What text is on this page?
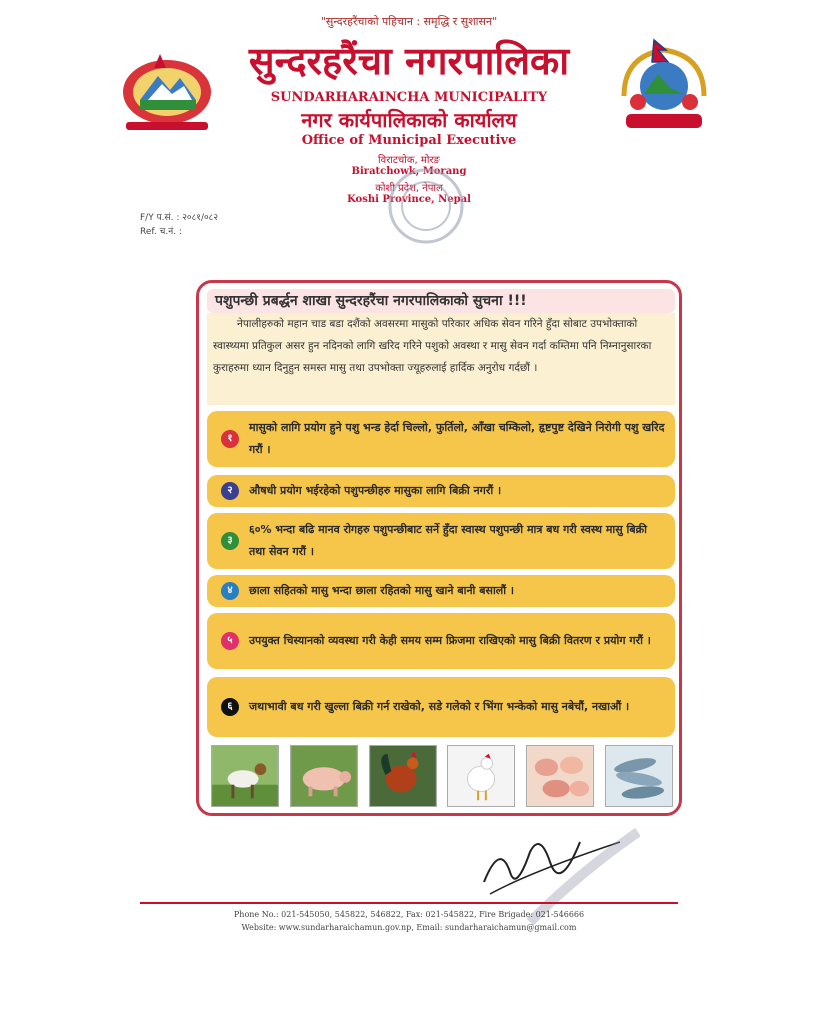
"सुन्दरहरैंचाको पहिचान : समृद्धि र सुशासन"
सुन्दरहरैंचा नगरपालिका
SUNDARHARAINCHA MUNICIPALITY
नगर कार्यपालिकाको कार्यालय
Office of Municipal Executive
विराटचोक, मोरङ
Biratchowk, Morang
कोशी प्रदेश, नेपाल
Koshi Province, Nepal
F/Y प.सं. : २०८१/०८२
Ref. च.नं. :
पशुपन्छी प्रबर्द्धन शाखा सुन्दरहरैंचा नगरपालिकाको सुचना !!!
नेपालीहरुको महान चाड बडा दशैंको अवसरमा मासुको परिकार अधिक सेवन गरिने हुँदा सोबाट उपभोक्ताको स्वास्थ्यमा प्रतिकुल असर हुन नदिनको लागि खरिद गरिने पशुको अवस्था र मासु सेवन गर्दा कम्तिमा पनि निम्नानुसारका कुराहरुमा ध्यान दिनुहुन समस्त मासु तथा उपभोक्ता ज्यूहरुलाई हार्दिक अनुरोध गर्दछौं ।
१
मासुको लागि प्रयोग हुने पशु भन्ड हेर्दा चिल्लो, फुर्तिलो, आँखा चम्किलो, हृष्टपुष्ट देखिने निरोगी पशु खरिद गरौं ।
२	औषधी प्रयोग भईरहेको पशुपन्छीहरु मासुका लागि बिक्री नगरौं ।
३
६०% भन्दा बढि मानव रोगहरु पशुपन्छीबाट सर्ने हुँदा स्वास्थ पशुपन्छी मात्र बध गरी स्वस्थ मासु बिक्री तथा सेवन गरौं ।
४	छाला सहितको मासु भन्दा छाला रहितको मासु खाने बानी बसालौं ।
५	उपयुक्त चिस्यानको व्यवस्था गरी केही समय सम्म फ्रिजमा राखिएको मासु बिक्री वितरण र प्रयोग गरौं ।
६	जथाभावी बध गरी खुल्ला बिक्री गर्न राखेको, सडे गलेको र भिंगा भन्केको मासु नबेचौं, नखाऔं ।
Phone No.: 021-545050, 545822, 546822, Fax: 021-545822, Fire Brigade: 021-546666
Website: www.sundarharaichamun.gov.np, Email: sundarharaichamun@gmail.com
